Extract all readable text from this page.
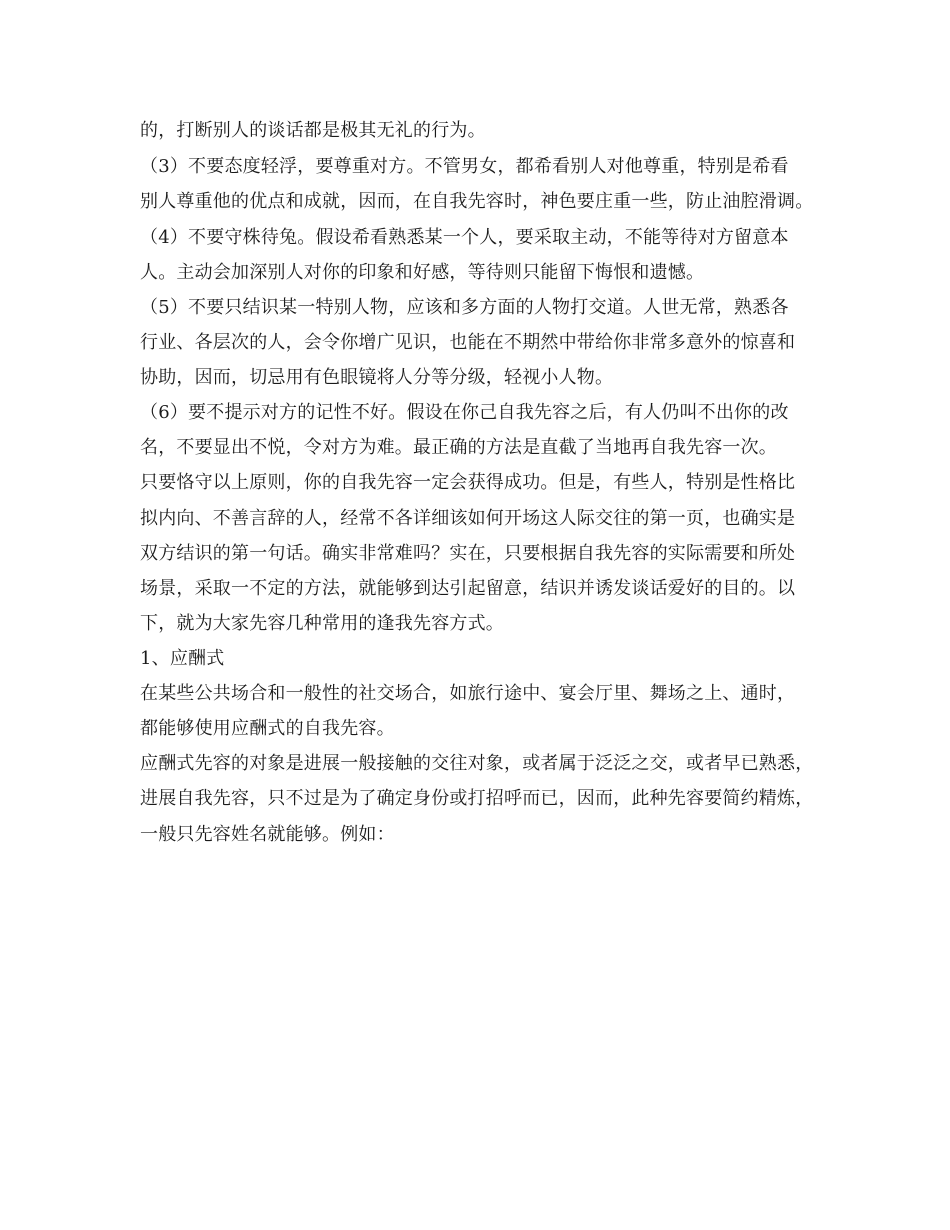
的，打断别人的谈话都是极其无礼的行为。
（3）不要态度轻浮，要尊重对方。不管男女，都希看别人对他尊重，特别是希看
别人尊重他的优点和成就，因而，在自我先容时，神色要庄重一些，防止油腔滑调。
（4）不要守株待兔。假设希看熟悉某一个人，要采取主动，不能等待对方留意本
人。主动会加深别人对你的印象和好感，等待则只能留下悔恨和遗憾。
（5）不要只结识某一特别人物，应该和多方面的人物打交道。人世无常，熟悉各
行业、各层次的人，会令你增广见识，也能在不期然中带给你非常多意外的惊喜和
协助，因而，切忌用有色眼镜将人分等分级，轻视小人物。
（6）要不提示对方的记性不好。假设在你己自我先容之后，有人仍叫不出你的改
名，不要显出不悦，令对方为难。最正确的方法是直截了当地再自我先容一次。
只要恪守以上原则，你的自我先容一定会获得成功。但是，有些人，特别是性格比
拟内向、不善言辞的人，经常不各详细该如何开场这人际交往的第一页，也确实是
双方结识的第一句话。确实非常难吗？实在，只要根据自我先容的实际需要和所处
场景，采取一不定的方法，就能够到达引起留意，结识并诱发谈话爱好的目的。以
下，就为大家先容几种常用的逢我先容方式。
1、应酬式
在某些公共场合和一般性的社交场合，如旅行途中、宴会厅里、舞场之上、通时，
都能够使用应酬式的自我先容。
应酬式先容的对象是进展一般接触的交往对象，或者属于泛泛之交，或者早已熟悉，
进展自我先容，只不过是为了确定身份或打招呼而已，因而，此种先容要简约精炼，
一般只先容姓名就能够。例如：
